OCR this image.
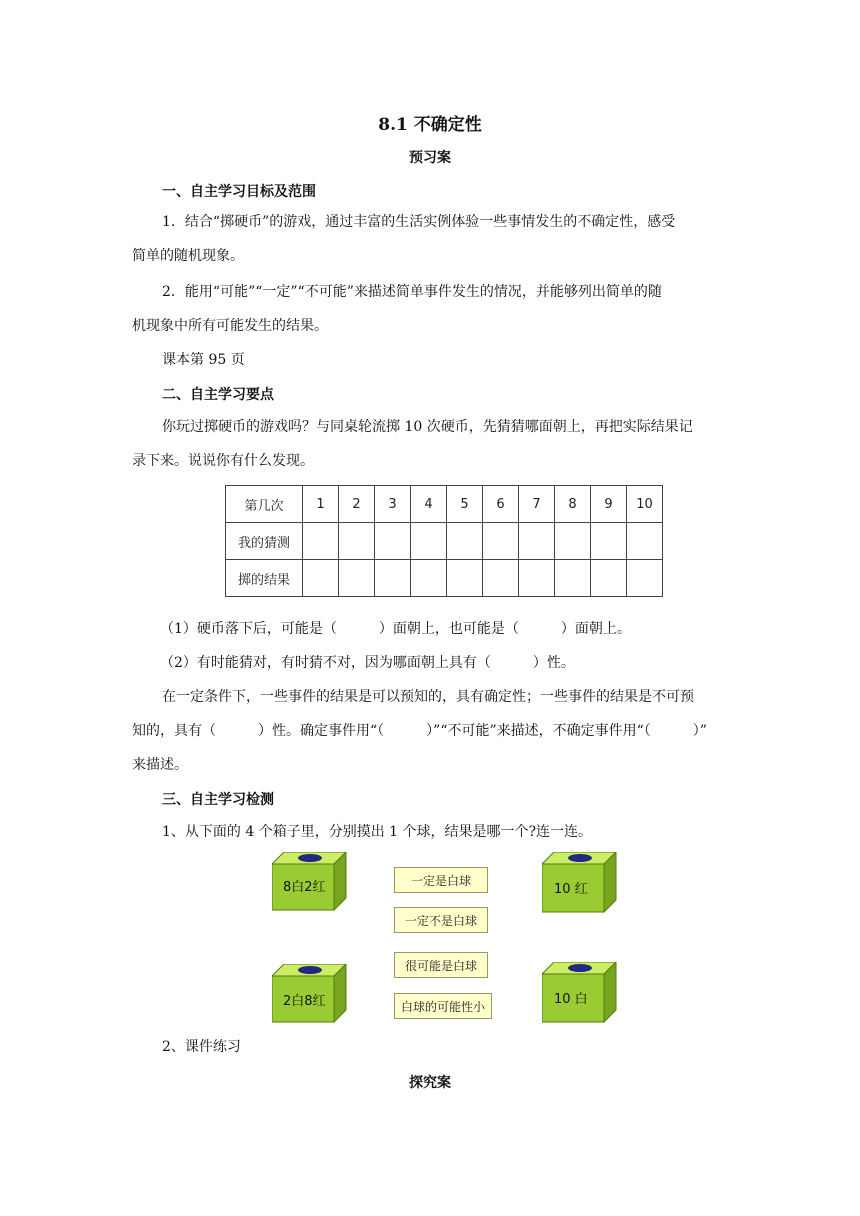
8.1 不确定性
预习案
一、自主学习目标及范围
1．结合“掷硬币”的游戏，通过丰富的生活实例体验一些事情发生的不确定性，感受
简单的随机现象。
2．能用“可能”“一定”“不可能”来描述简单事件发生的情况，并能够列出简单的随
机现象中所有可能发生的结果。
课本第 95 页
二、自主学习要点
你玩过掷硬币的游戏吗？与同桌轮流掷 10 次硬币，先猜猜哪面朝上，再把实际结果记
录下来。说说你有什么发现。
第几次	1	2	3	4	5	6	7	8	9	10
我的猜测										
掷的结果										
（1）硬币落下后，可能是（　　　）面朝上，也可能是（　　　）面朝上。
（2）有时能猜对，有时猜不对，因为哪面朝上具有（　　　）性。
在一定条件下，一些事件的结果是可以预知的，具有确定性；一些事件的结果是不可预
知的，具有（　　　）性。确定事件用“（　　　）”“不可能”来描述，不确定事件用“（　　　）”
来描述。
三、自主学习检测
1、从下面的 4 个箱子里，分别摸出 1 个球，结果是哪一个?连一连。
8白2红	10 红
2白8红	10 白
一定是白球
一定不是白球
很可能是白球
白球的可能性小
2、课件练习
探究案
